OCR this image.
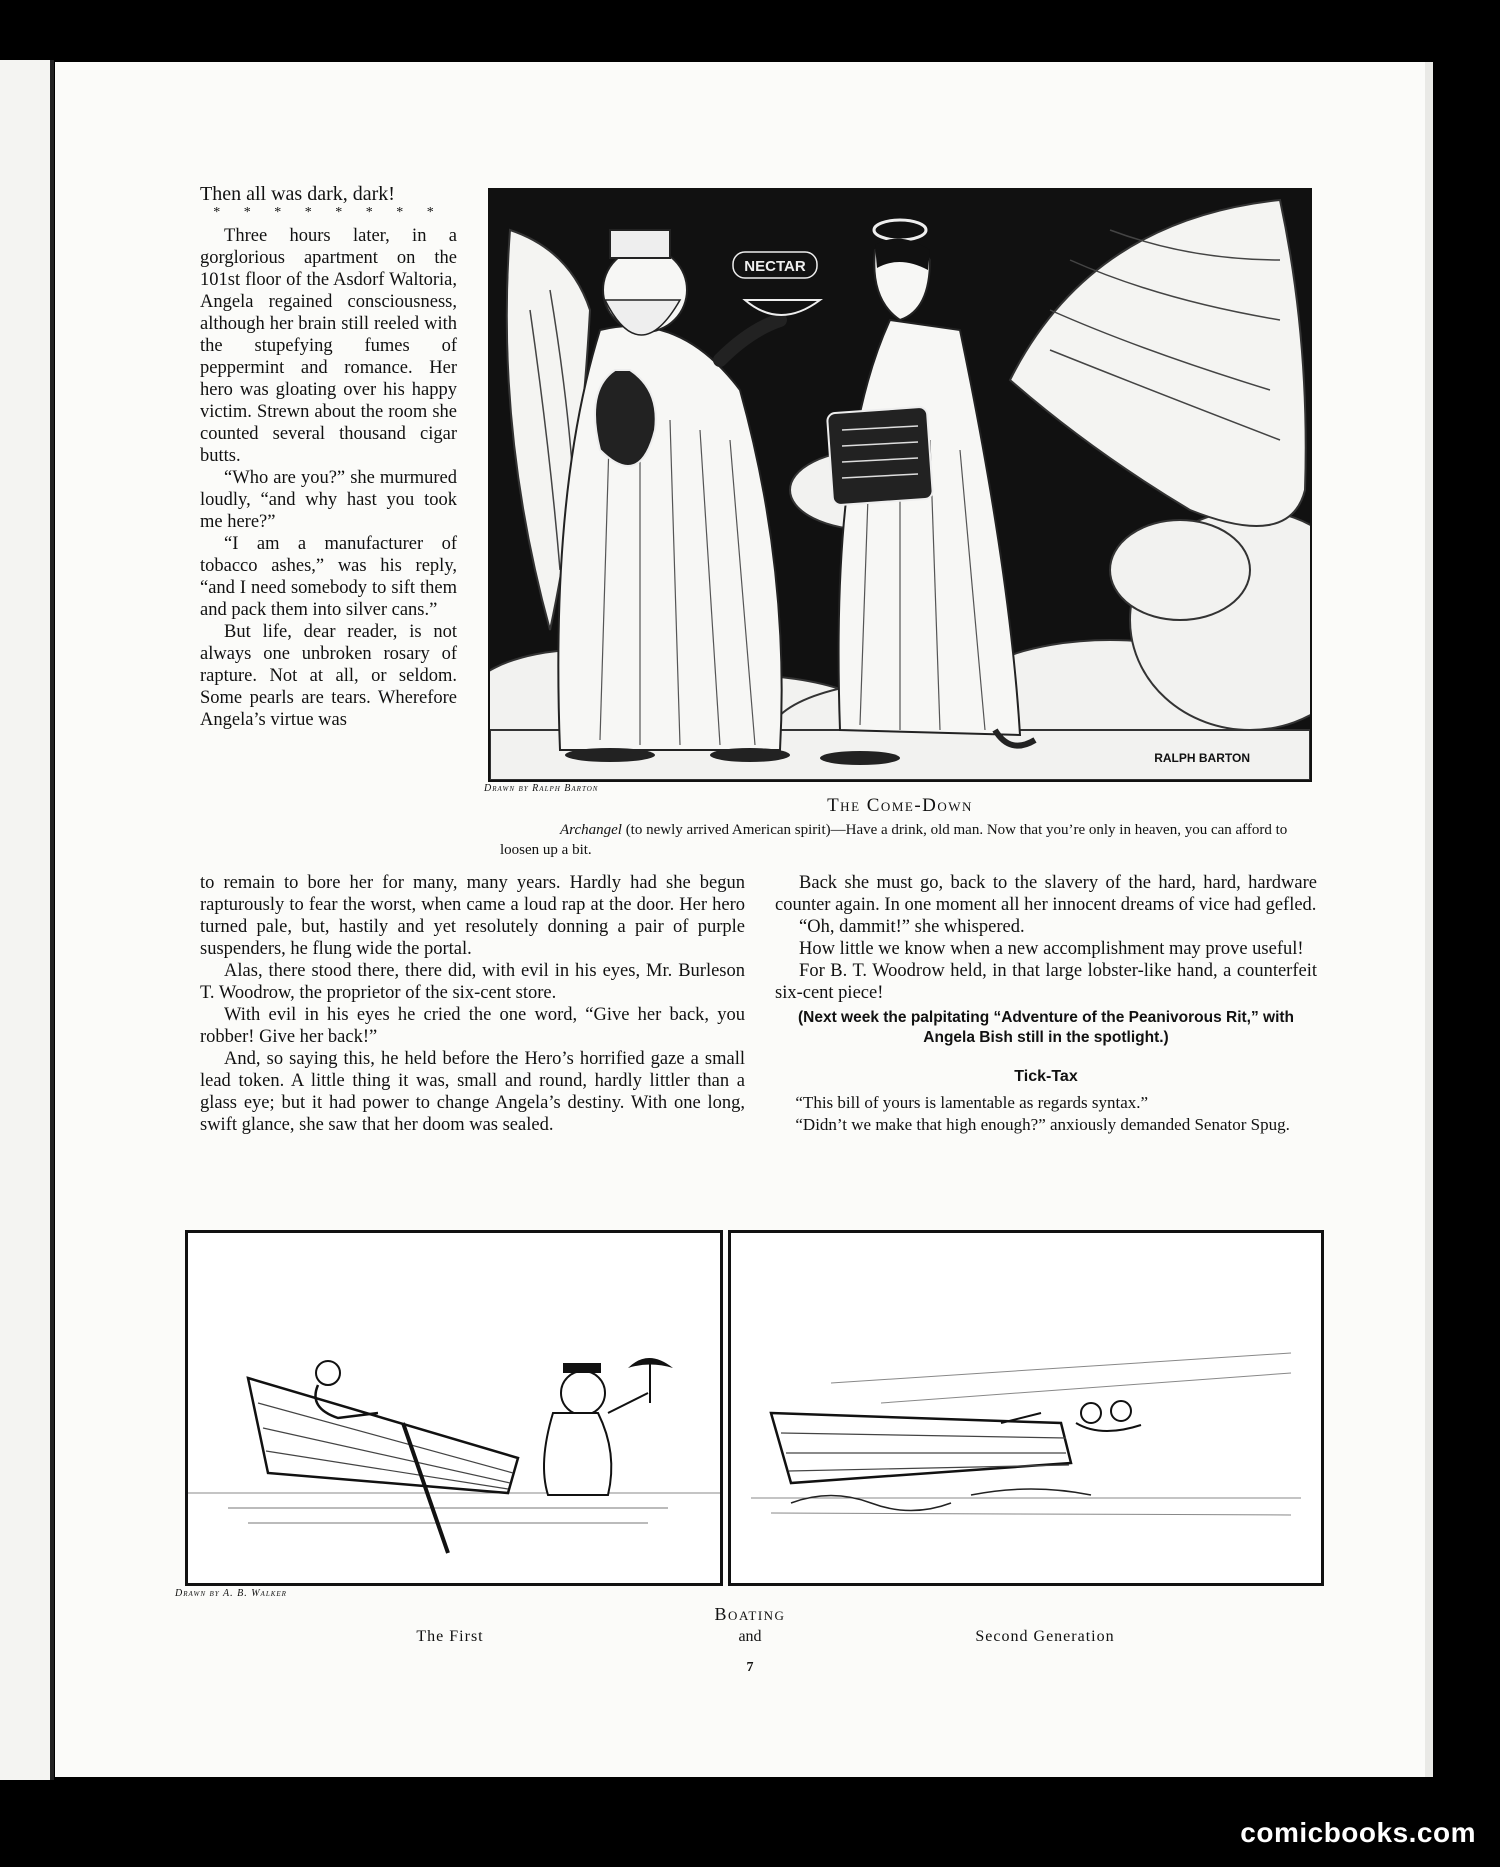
Then all was dark, dark!

* * * * * * * *

Three hours later, in a gorglorious apartment on the 101st floor of the Asdorf Waltoria, Angela regained consciousness, although her brain still reeled with the stupefying fumes of peppermint and romance. Her hero was gloating over his happy victim. Strewn about the room she counted several thousand cigar butts.

“Who are you?” she murmured loudly, “and why hast you took me here?”

“I am a manufacturer of tobacco ashes,” was his reply, “and I need somebody to sift them and pack them into silver cans.”

But life, dear reader, is not always one unbroken rosary of rapture. Not at all, or seldom. Some pearls are tears. Wherefore Angela’s virtue was

NECTAR
RALPH BARTON
Drawn by Ralph Barton
The Come-Down
Archangel (to newly arrived American spirit)—Have a drink, old man. Now that you’re only in heaven, you can afford to loosen up a bit.

to remain to bore her for many, many years. Hardly had she begun rapturously to fear the worst, when came a loud rap at the door. Her hero turned pale, but, hastily and yet resolutely donning a pair of purple suspenders, he flung wide the portal.

Alas, there stood there, there did, with evil in his eyes, Mr. Burleson T. Woodrow, the proprietor of the six-cent store.

With evil in his eyes he cried the one word, “Give her back, you robber! Give her back!”

And, so saying this, he held before the Hero’s horrified gaze a small lead token. A little thing it was, small and round, hardly littler than a glass eye; but it had power to change Angela’s destiny. With one long, swift glance, she saw that her doom was sealed.

Back she must go, back to the slavery of the hard, hard, hardware counter again. In one moment all her innocent dreams of vice had gefled.

“Oh, dammit!” she whispered.

How little we know when a new accomplishment may prove useful!

For B. T. Woodrow held, in that large lobster-like hand, a counterfeit six-cent piece!

(Next week the palpitating “Adventure of the Peanivorous Rit,” with Angela Bish still in the spotlight.)

Tick-Tax

“This bill of yours is lamentable as regards syntax.”

“Didn’t we make that high enough?” anxiously demanded Senator Spug.

Drawn by A. B. Walker
Boating
The First	and	Second Generation
7
comicbooks.com
